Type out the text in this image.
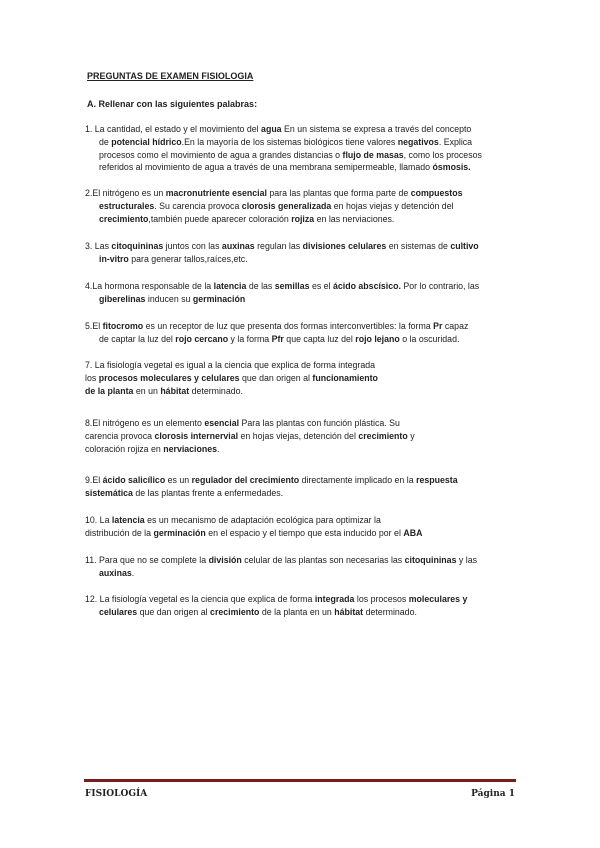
PREGUNTAS DE EXAMEN FISIOLOGIA
A. Rellenar con las siguientes palabras:

1. La cantidad, el estado y el movimiento del agua En un sistema se expresa a través del concepto

de potencial hídrico.En la mayoría de los sistemas biológicos tiene valores negativos. Explica

procesos como el movimiento de agua a grandes distancias o flujo de masas, como los procesos

referidos al movimiento de agua a través de una membrana semipermeable, llamado ósmosis.

2.El nitrógeno es un macronutriente esencial para las plantas que forma parte de compuestos

estructurales. Su carencia provoca clorosis generalizada en hojas viejas y detención del

crecimiento,también puede aparecer coloración rojiza en las nerviaciones.

3. Las citoquininas juntos con las auxinas regulan las divisiones celulares en sistemas de cultivo

in-vitro para generar tallos,raíces,etc.

4.La hormona responsable de la latencia de las semillas es el ácido abscísico. Por lo contrario, las

giberelinas inducen su germinación

5.El fitocromo es un receptor de luz que presenta dos formas interconvertibles: la forma Pr capaz

de captar la luz del rojo cercano y la forma Pfr que capta luz del rojo lejano o la oscuridad.

7. La fisiología vegetal es igual a la ciencia que explica de forma integrada

los procesos moleculares y celulares que dan origen al funcionamiento

de la planta en un hábitat determinado.

8.El nitrógeno es un elemento esencial Para las plantas con función plástica. Su

carencia provoca clorosis internervial en hojas viejas, detención del crecimiento y

coloración rojiza en nerviaciones.

9.El ácido salicílico es un regulador del crecimiento directamente implicado en la respuesta

sistemática de las plantas frente a enfermedades.

10. La latencia es un mecanismo de adaptación ecológica para optimizar la

distribución de la germinación en el espacio y el tiempo que esta inducido por el ABA

11. Para que no se complete la división celular de las plantas son necesarias las citoquininas y las

auxinas.

12. La fisiología vegetal es la ciencia que explica de forma integrada los procesos moleculares y

celulares que dan origen al crecimiento de la planta en un hábitat determinado.

FISIOLOGÍA	Página 1
